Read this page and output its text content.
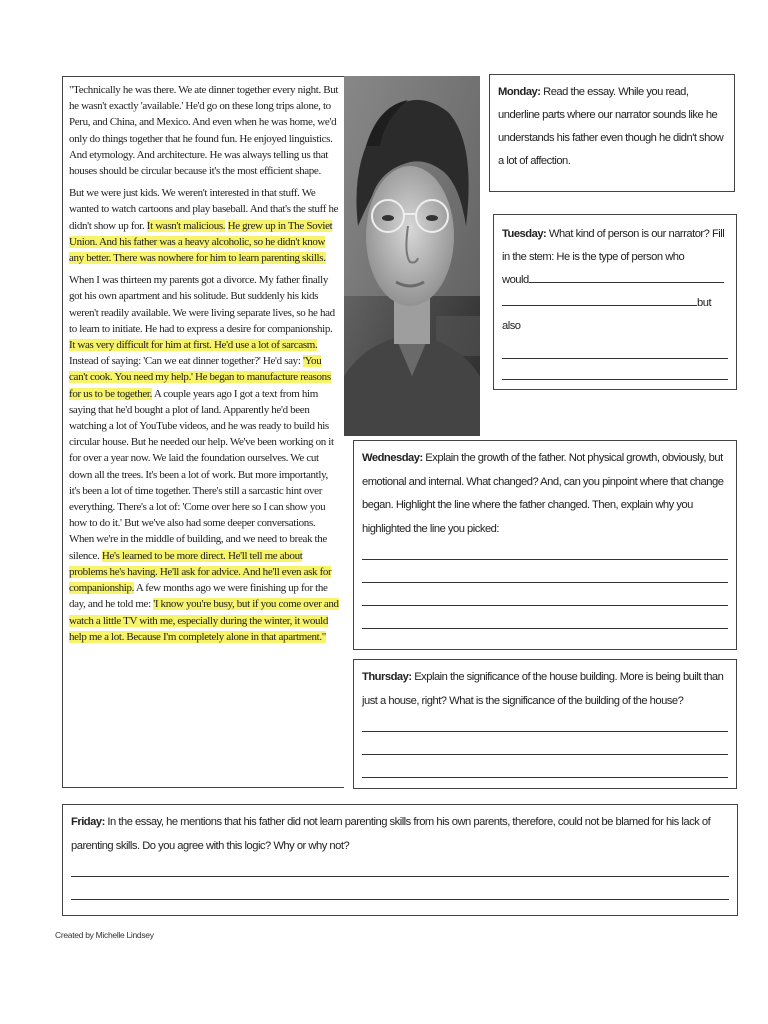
"Technically he was there. We ate dinner together every night. But he wasn't exactly 'available.' He'd go on these long trips alone, to Peru, and China, and Mexico. And even when he was home, we'd only do things together that he found fun. He enjoyed linguistics. And etymology. And architecture. He was always telling us that houses should be circular because it's the most efficient shape.

But we were just kids. We weren't interested in that stuff. We wanted to watch cartoons and play baseball. And that's the stuff he didn't show up for. It wasn't malicious. He grew up in The Soviet Union. And his father was a heavy alcoholic, so he didn't know any better. There was nowhere for him to learn parenting skills.

When I was thirteen my parents got a divorce. My father finally got his own apartment and his solitude. But suddenly his kids weren't readily available. We were living separate lives, so he had to learn to initiate. He had to express a desire for companionship. It was very difficult for him at first. He'd use a lot of sarcasm. Instead of saying: 'Can we eat dinner together?' He'd say: 'You can't cook. You need my help.' He began to manufacture reasons for us to be together. A couple years ago I got a text from him saying that he'd bought a plot of land. Apparently he'd been watching a lot of YouTube videos, and he was ready to build his circular house. But he needed our help. We've been working on it for over a year now. We laid the foundation ourselves. We cut down all the trees. It's been a lot of work. But more importantly, it's been a lot of time together. There's still a sarcastic hint over everything. There's a lot of: 'Come over here so I can show you how to do it.' But we've also had some deeper conversations. When we're in the middle of building, and we need to break the silence. He's learned to be more direct. He'll tell me about problems he's having. He'll ask for advice. And he'll even ask for companionship. A few months ago we were finishing up for the day, and he told me: 'I know you're busy, but if you come over and watch a little TV with me, especially during the winter, it would help me a lot. Because I'm completely alone in that apartment."

Monday: Read the essay. While you read, underline parts where our narrator sounds like he understands his father even though he didn't show a lot of affection.
Tuesday: What kind of person is our narrator? Fill in the stem: He is the type of person who
would
but also
Wednesday: Explain the growth of the father. Not physical growth, obviously, but emotional and internal. What changed? And, can you pinpoint where that change began. Highlight the line where the father changed. Then, explain why you highlighted the line you picked:
Thursday: Explain the significance of the house building. More is being built than just a house, right? What is the significance of the building of the house?
Friday: In the essay, he mentions that his father did not learn parenting skills from his own parents, therefore, could not be blamed for his lack of parenting skills. Do you agree with this logic? Why or why not?
Created by Michelle Lindsey
